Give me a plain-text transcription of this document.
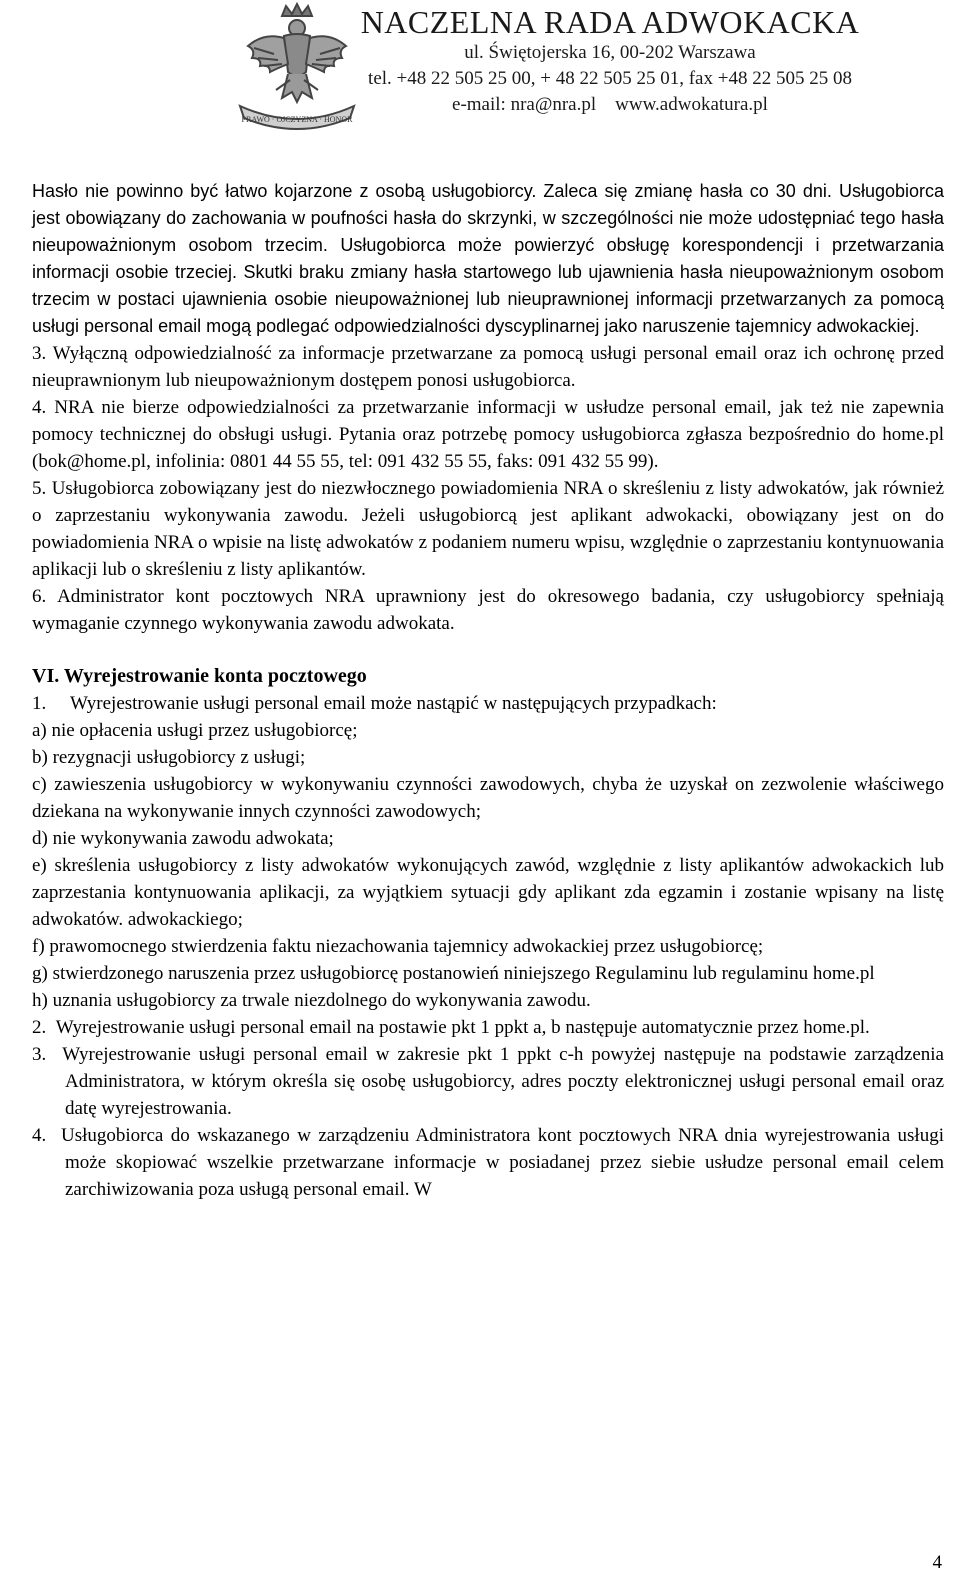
PRAWO · OJCZYZNA · HONOR
NACZELNA RADA ADWOKACKA
ul. Świętojerska 16, 00-202 Warszawa
tel. +48 22 505 25 00, + 48 22 505 25 01, fax +48 22 505 25 08
e-mail: nra@nra.pl    www.adwokatura.pl

Hasło nie powinno być łatwo kojarzone z osobą usługobiorcy. Zaleca się zmianę hasła co 30 dni. Usługobiorca jest obowiązany do zachowania w poufności hasła do skrzynki, w szczególności nie może udostępniać tego hasła nieupoważnionym osobom trzecim. Usługobiorca może powierzyć obsługę korespondencji i przetwarzania informacji osobie trzeciej. Skutki braku zmiany hasła startowego lub ujawnienia hasła nieupoważnionym osobom trzecim w postaci ujawnienia osobie nieupoważnionej lub nieuprawnionej informacji przetwarzanych za pomocą usługi personal email mogą podlegać odpowiedzialności dyscyplinarnej jako naruszenie tajemnicy adwokackiej.

3. Wyłączną odpowiedzialność za informacje przetwarzane za pomocą usługi personal email oraz ich ochronę przed nieuprawnionym lub nieupoważnionym dostępem ponosi usługobiorca.

4. NRA nie bierze odpowiedzialności za przetwarzanie informacji w usłudze personal email, jak też nie zapewnia pomocy technicznej do obsługi usługi. Pytania oraz potrzebę pomocy usługobiorca zgłasza bezpośrednio do home.pl (bok@home.pl, infolinia: 0801 44 55 55, tel: 091 432 55 55, faks: 091 432 55 99).

5. Usługobiorca zobowiązany jest do niezwłocznego powiadomienia NRA o skreśleniu z listy adwokatów, jak również o zaprzestaniu wykonywania zawodu. Jeżeli usługobiorcą jest aplikant adwokacki, obowiązany jest on do powiadomienia NRA o wpisie na listę adwokatów z podaniem numeru wpisu, względnie o zaprzestaniu kontynuowania aplikacji lub o skreśleniu z listy aplikantów.

6. Administrator kont pocztowych NRA uprawniony jest do okresowego badania, czy usługobiorcy spełniają wymaganie czynnego wykonywania zawodu adwokata.

VI. Wyrejestrowanie konta pocztowego

1.     Wyrejestrowanie usługi personal email może nastąpić w następujących przypadkach:

a) nie opłacenia usługi przez usługobiorcę;

b) rezygnacji usługobiorcy z usługi;

c) zawieszenia usługobiorcy w wykonywaniu czynności zawodowych, chyba że uzyskał on zezwolenie właściwego dziekana na wykonywanie innych czynności zawodowych;

d) nie wykonywania zawodu adwokata;

e) skreślenia usługobiorcy z listy adwokatów wykonujących zawód, względnie z listy aplikantów adwokackich lub zaprzestania kontynuowania aplikacji, za wyjątkiem sytuacji gdy aplikant zda egzamin i zostanie wpisany na listę adwokatów. adwokackiego;

f) prawomocnego stwierdzenia faktu niezachowania tajemnicy adwokackiej przez usługobiorcę;

g) stwierdzonego naruszenia przez usługobiorcę postanowień niniejszego Regulaminu lub regulaminu home.pl

h) uznania usługobiorcy za trwale niezdolnego do wykonywania zawodu.

2.  Wyrejestrowanie usługi personal email na postawie pkt 1 ppkt a, b następuje automatycznie przez home.pl.

3.  Wyrejestrowanie usługi personal email w zakresie pkt 1 ppkt c-h powyżej następuje na podstawie zarządzenia Administratora, w którym określa się osobę usługobiorcy, adres poczty elektronicznej usługi personal email oraz datę wyrejestrowania.

4.  Usługobiorca do wskazanego w zarządzeniu Administratora kont pocztowych NRA dnia wyrejestrowania usługi może skopiować wszelkie przetwarzane informacje w posiadanej przez siebie usłudze personal email celem zarchiwizowania poza usługą personal email. W

4
